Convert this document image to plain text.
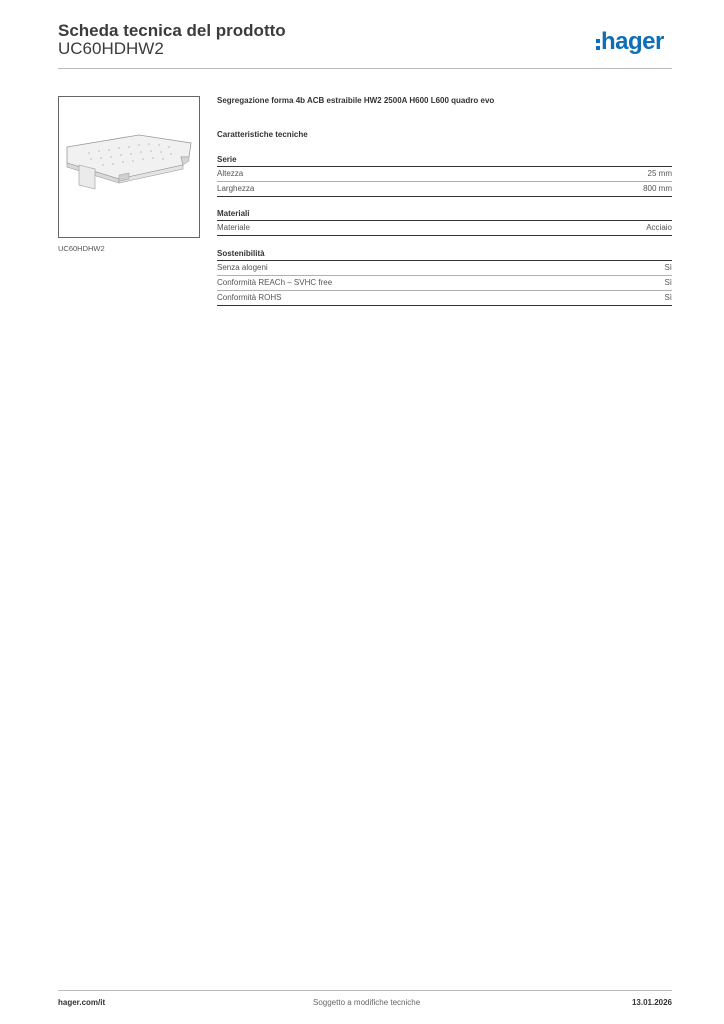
Scheda tecnica del prodotto
UC60HDHW2	hager
UC60HDHW2
Segregazione forma 4b ACB estraibile HW2 2500A H600 L600 quadro evo
Caratteristiche tecniche
Serie
Altezza	25 mm
Larghezza	800 mm
Materiali
Materiale	Acciaio
Sostenibilità
Senza alogeni	Sì
Conformità REACh – SVHC free	Sì
Conformità ROHS	Sì
hager.com/it	Soggetto a modifiche tecniche	13.01.2026
